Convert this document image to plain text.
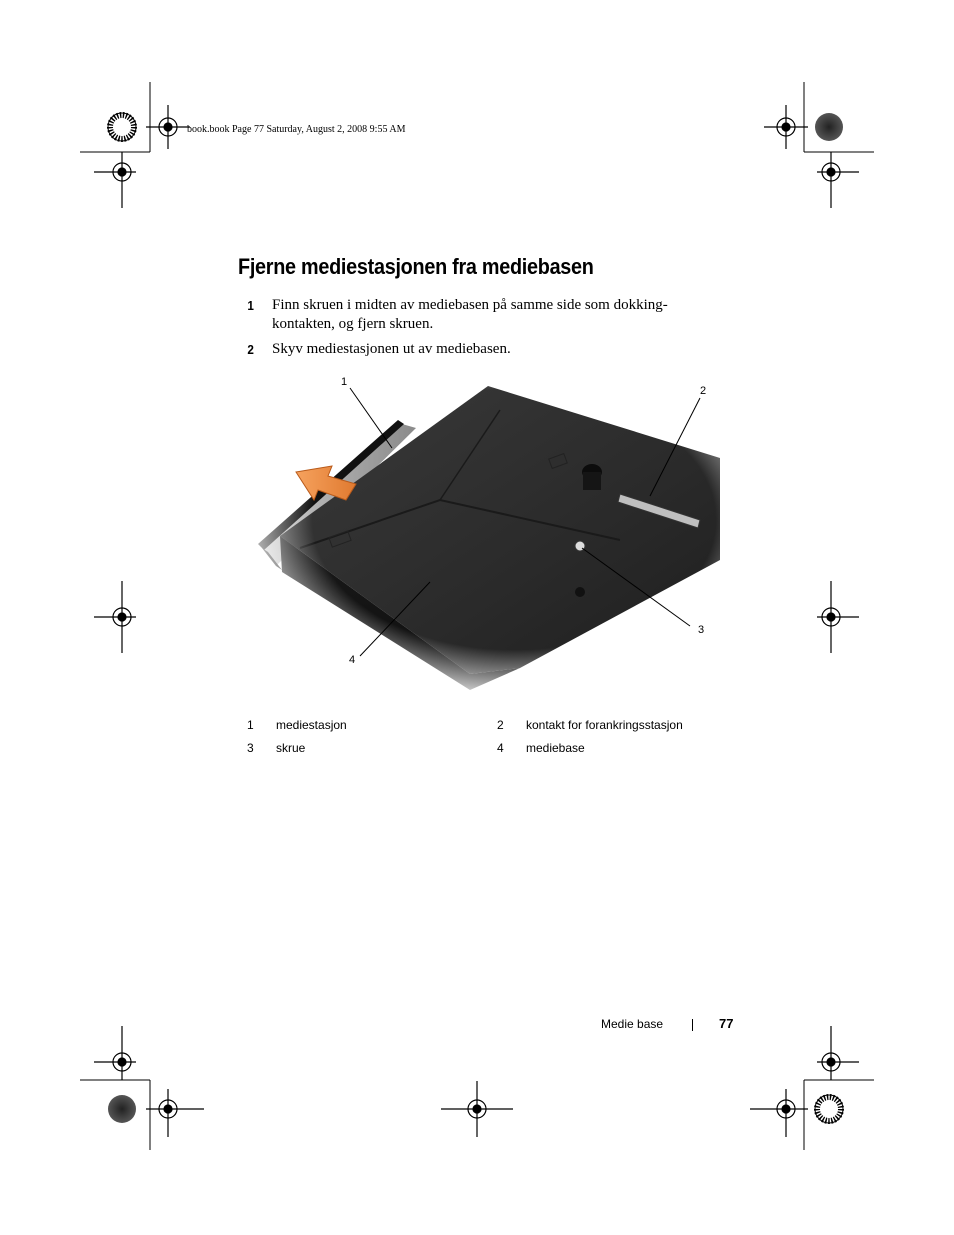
book.book Page 77 Saturday, August 2, 2008 9:55 AM
Fjerne mediestasjonen fra mediebasen
1 Finn skruen i midten av mediebasen på samme side som dokking-kontakten, og fjern skruen.
2 Skyv mediestasjonen ut av mediebasen.
1
2
3
4
1 mediestasjon	2 kontakt for forankringsstasjon
3 skrue	4 mediebase
Medie base	77
